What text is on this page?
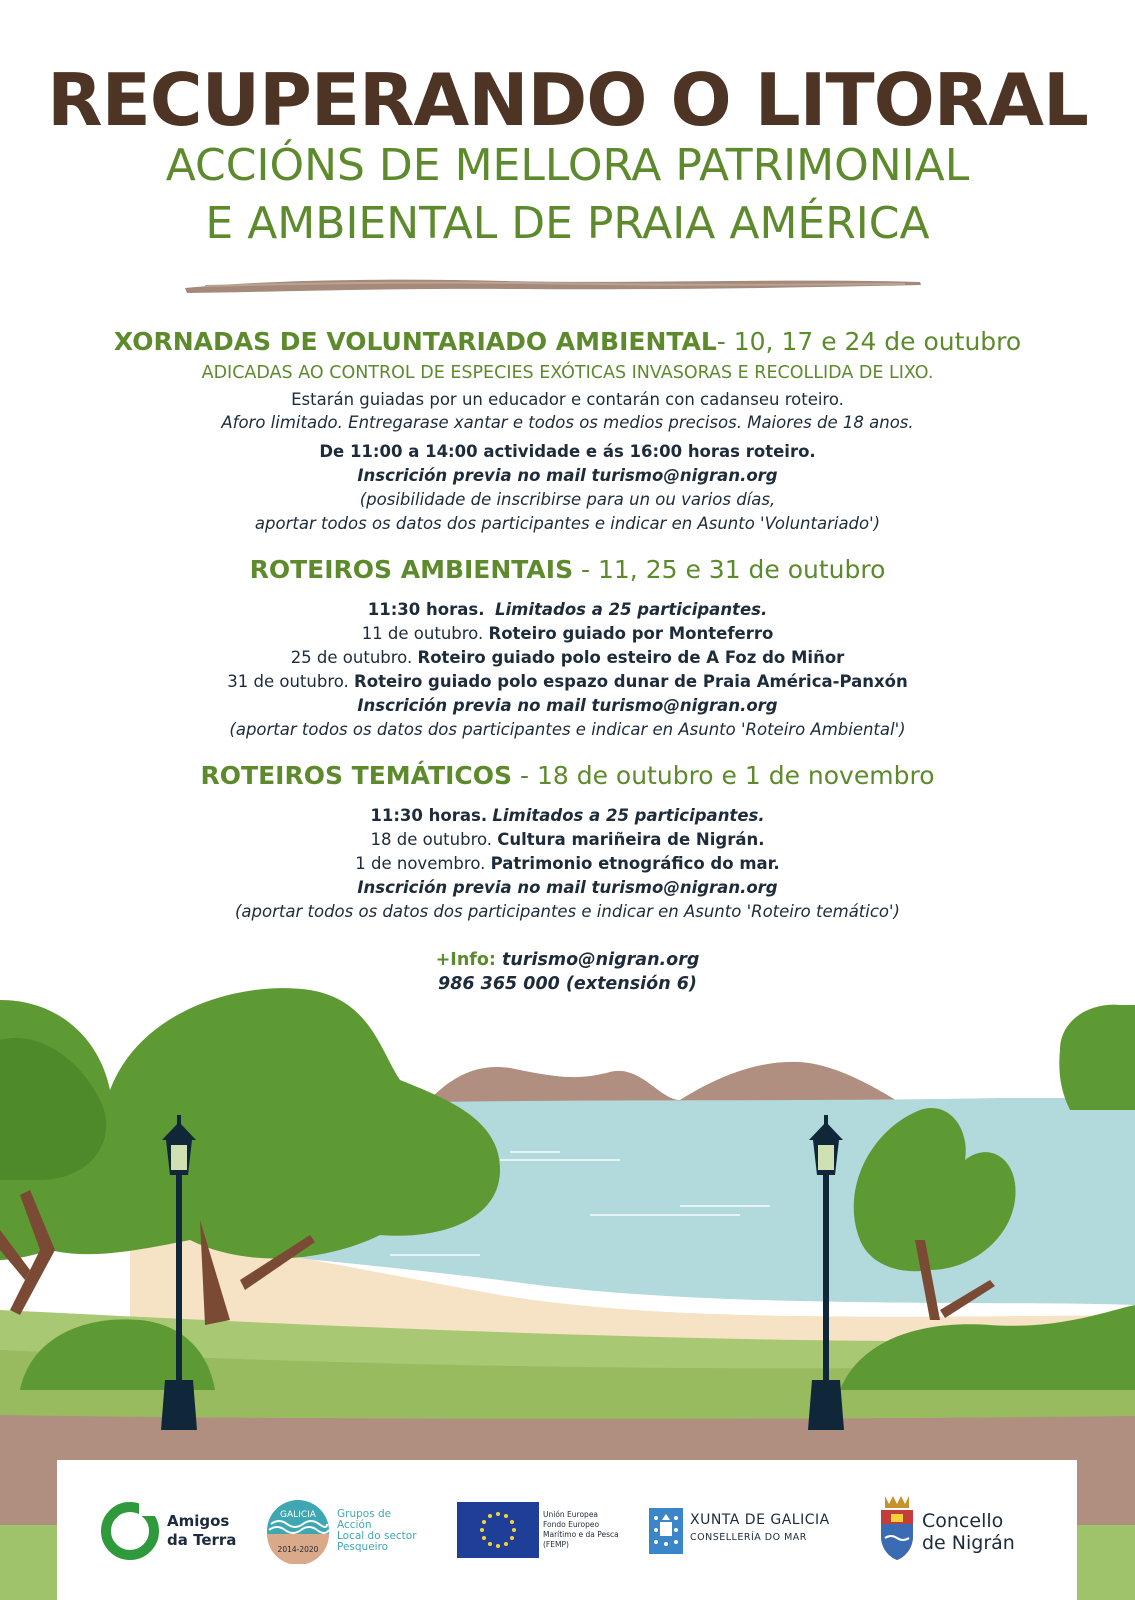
RECUPERANDO O LITORAL
ACCIÓNS DE MELLORA PATRIMONIAL
E AMBIENTAL DE PRAIA AMÉRICA
XORNADAS DE VOLUNTARIADO AMBIENTAL- 10, 17 e 24 de outubro
ADICADAS AO CONTROL DE ESPECIES EXÓTICAS INVASORAS E RECOLLIDA DE LIXO.
Estarán guiadas por un educador e contarán con cadanseu roteiro.
Aforo limitado. Entregarase xantar e todos os medios precisos. Maiores de 18 anos.
De 11:00 a 14:00 actividade e ás 16:00 horas roteiro.
Inscrición previa no mail turismo@nigran.org
(posibilidade de inscribirse para un ou varios días,
aportar todos os datos dos participantes e indicar en Asunto 'Voluntariado')
ROTEIROS AMBIENTAIS - 11, 25 e 31 de outubro
11:30 horas. Limitados a 25 participantes.
11 de outubro. Roteiro guiado por Monteferro
25 de outubro. Roteiro guiado polo esteiro de A Foz do Miñor
31 de outubro. Roteiro guiado polo espazo dunar de Praia América-Panxón
Inscrición previa no mail turismo@nigran.org
(aportar todos os datos dos participantes e indicar en Asunto 'Roteiro Ambiental')
ROTEIROS TEMÁTICOS - 18 de outubro e 1 de novembro
11:30 horas. Limitados a 25 participantes.
18 de outubro. Cultura mariñeira de Nigrán.
1 de novembro. Patrimonio etnográfico do mar.
Inscrición previa no mail turismo@nigran.org
(aportar todos os datos dos participantes e indicar en Asunto 'Roteiro temático')
+Info: turismo@nigran.org
986 365 000 (extensión 6)
Amigos
da Terra
GALICIA
2014-2020
Grupos de
Acción
Local do sector
Pesqueiro
Unión Europea
Fondo Europeo
Marítimo e da Pesca
(FEMP)
XUNTA DE GALICIA
CONSELLERÍA DO MAR
Concello
de Nigrán
